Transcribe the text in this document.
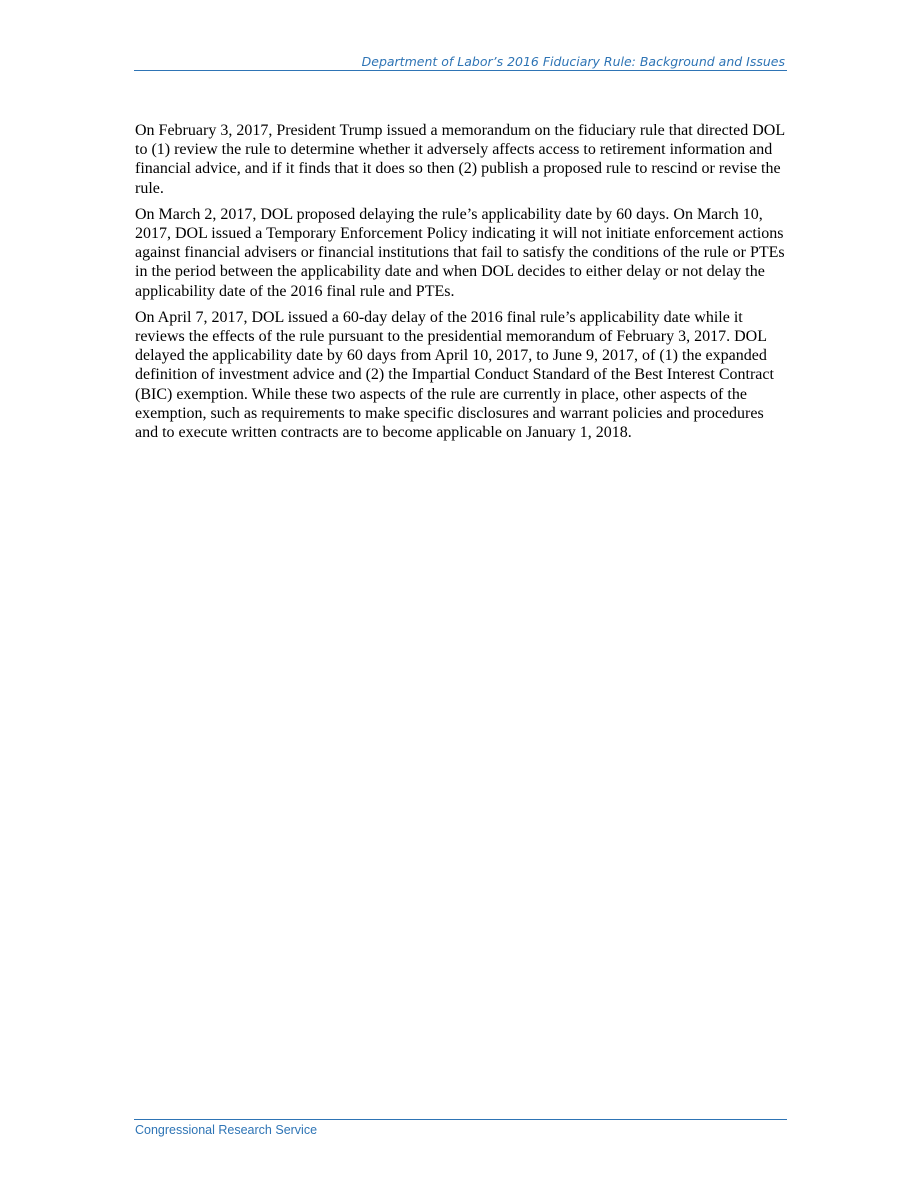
Department of Labor’s 2016 Fiduciary Rule: Background and Issues

On February 3, 2017, President Trump issued a memorandum on the fiduciary rule that directed DOL to (1) review the rule to determine whether it adversely affects access to retirement information and financial advice, and if it finds that it does so then (2) publish a proposed rule to rescind or revise the rule.

On March 2, 2017, DOL proposed delaying the rule’s applicability date by 60 days. On March 10, 2017, DOL issued a Temporary Enforcement Policy indicating it will not initiate enforcement actions against financial advisers or financial institutions that fail to satisfy the conditions of the rule or PTEs in the period between the applicability date and when DOL decides to either delay or not delay the applicability date of the 2016 final rule and PTEs.

On April 7, 2017, DOL issued a 60-day delay of the 2016 final rule’s applicability date while it reviews the effects of the rule pursuant to the presidential memorandum of February 3, 2017. DOL delayed the applicability date by 60 days from April 10, 2017, to June 9, 2017, of (1) the expanded definition of investment advice and (2) the Impartial Conduct Standard of the Best Interest Contract (BIC) exemption. While these two aspects of the rule are currently in place, other aspects of the exemption, such as requirements to make specific disclosures and warrant policies and procedures and to execute written contracts are to become applicable on January 1, 2018.

Congressional Research Service
